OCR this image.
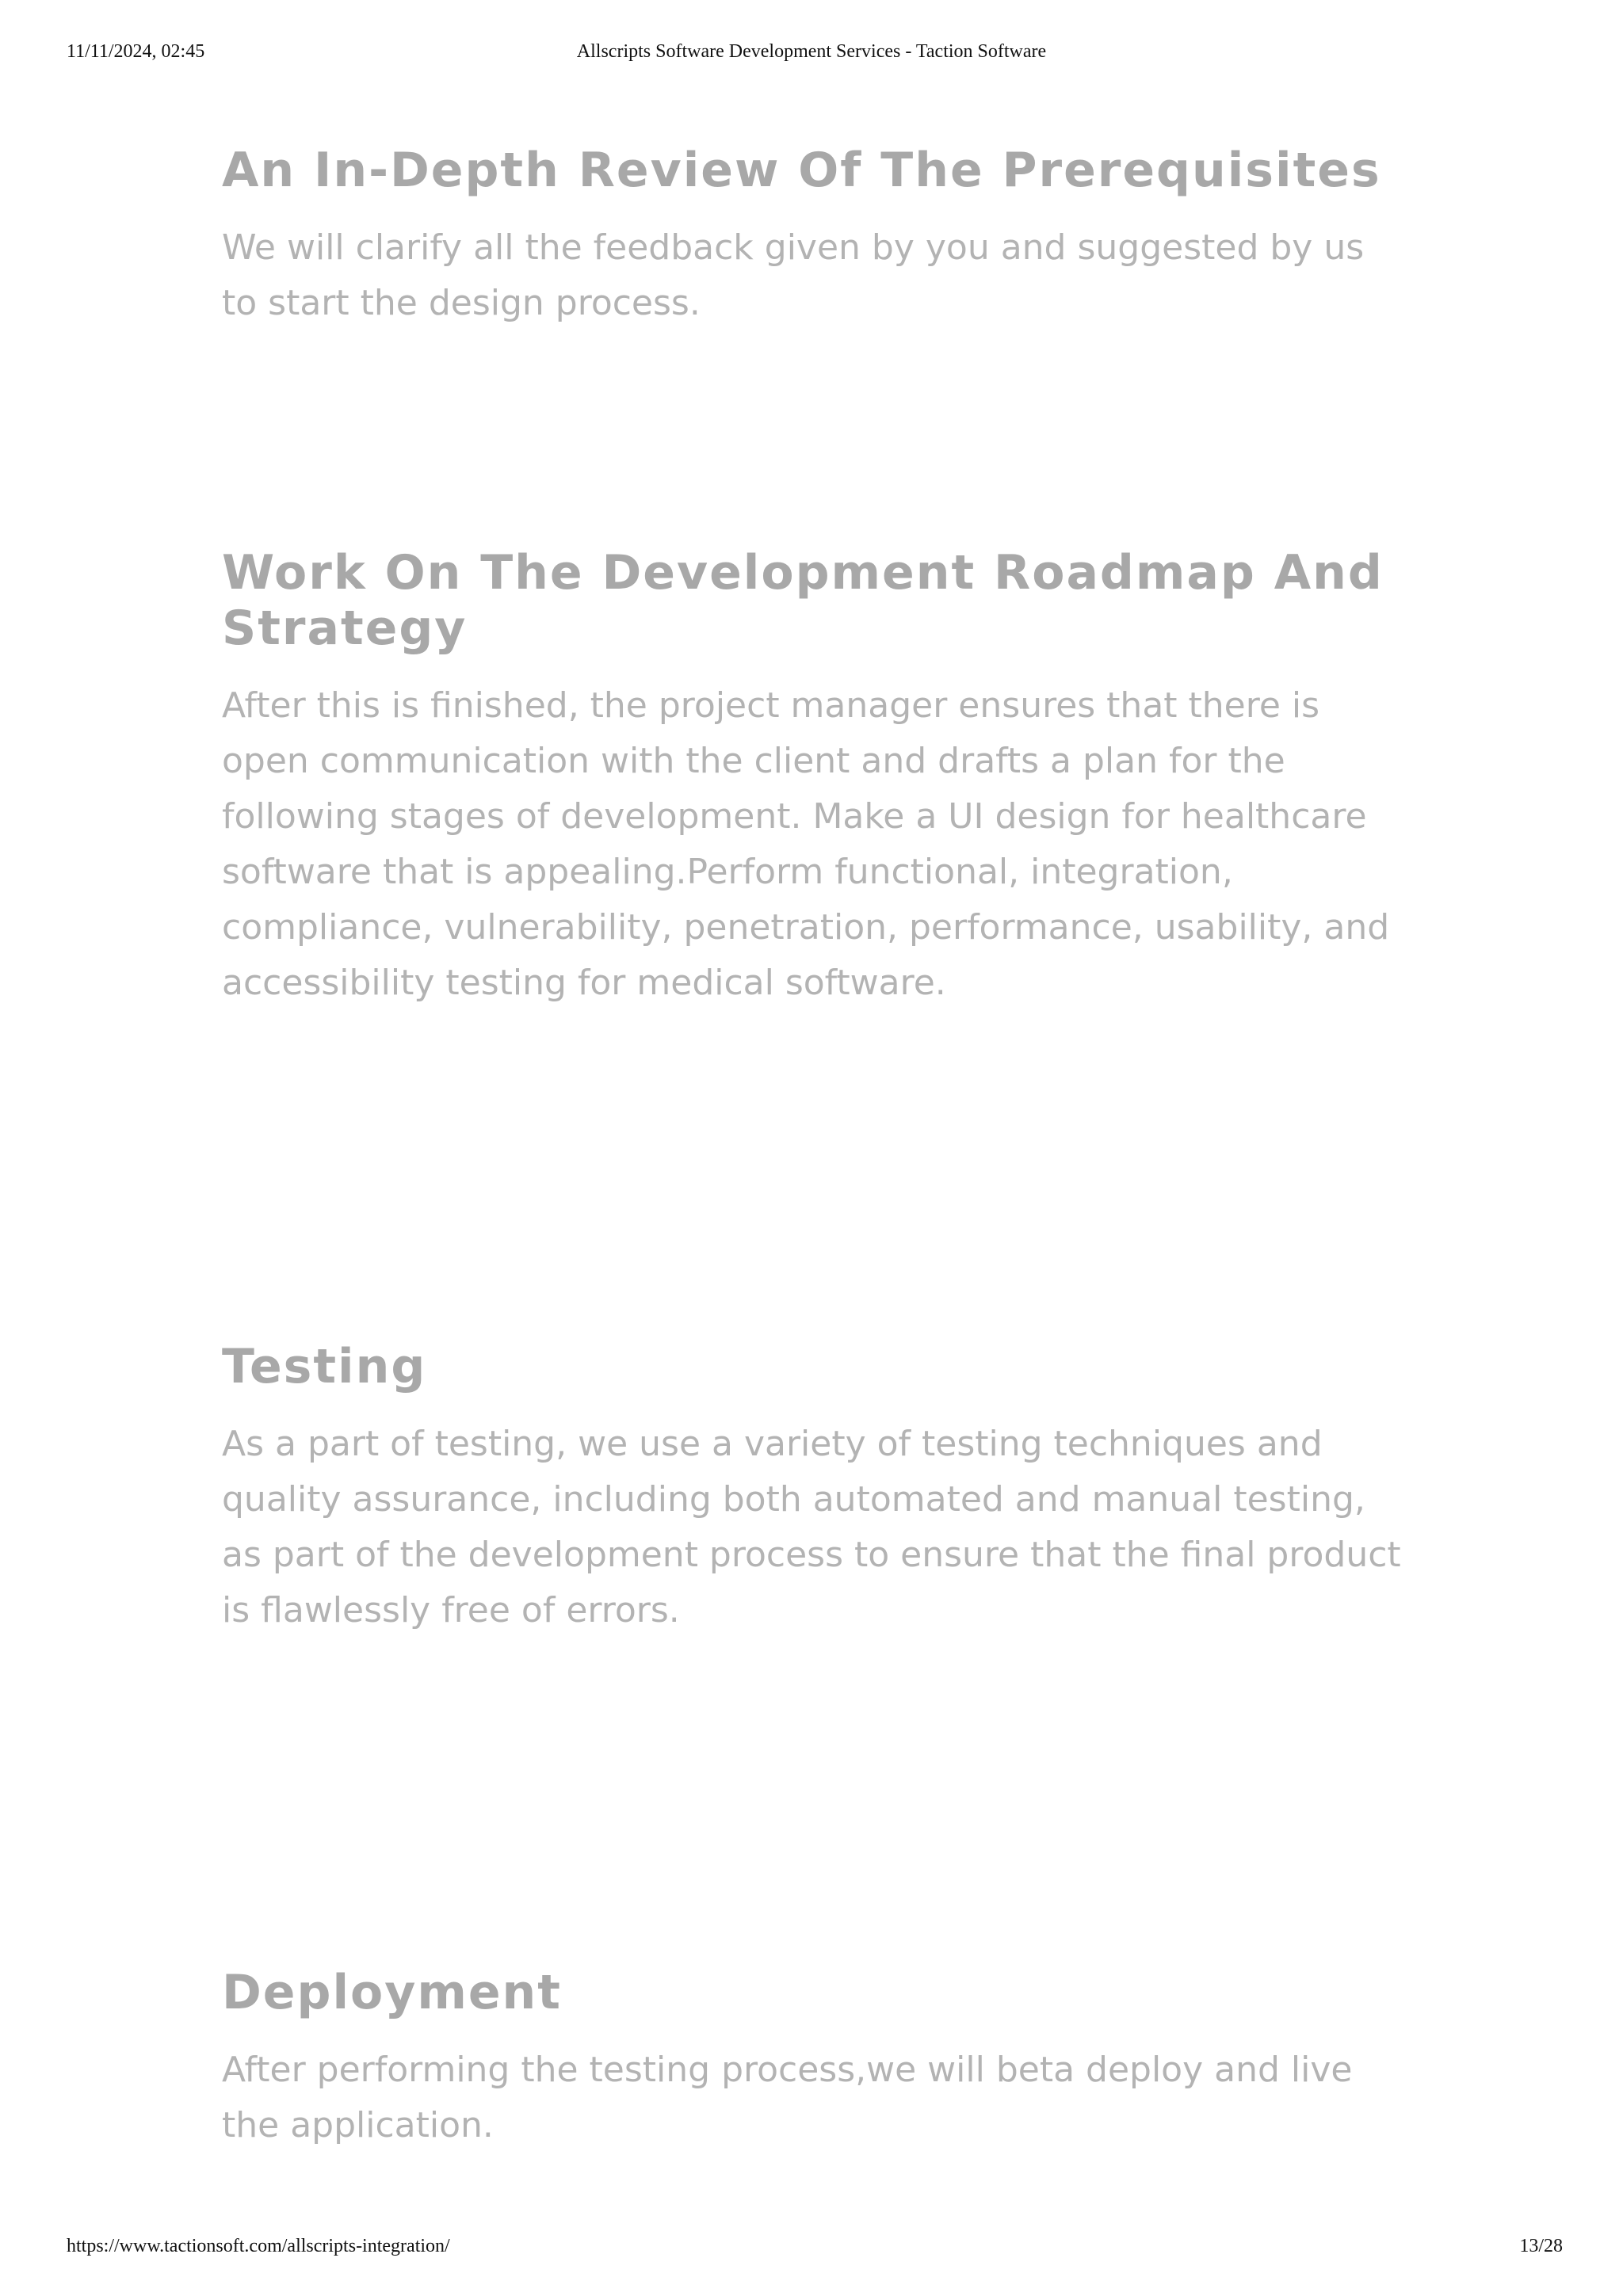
11/11/2024, 02:45	Allscripts Software Development Services - Taction Software
An In-Depth Review Of The Prerequisites

We will clarify all the feedback given by you and suggested by us to start the design process.

Work On The Development Roadmap And Strategy

After this is finished, the project manager ensures that there is open communication with the client and drafts a plan for the following stages of development. Make a UI design for healthcare software that is appealing.Perform functional, integration, compliance, vulnerability, penetration, performance, usability, and accessibility testing for medical software.

Testing

As a part of testing, we use a variety of testing techniques and quality assurance, including both automated and manual testing, as part of the development process to ensure that the final product is flawlessly free of errors.

Deployment

After performing the testing process,we will beta deploy and live the application.

https://www.tactionsoft.com/allscripts-integration/	13/28
